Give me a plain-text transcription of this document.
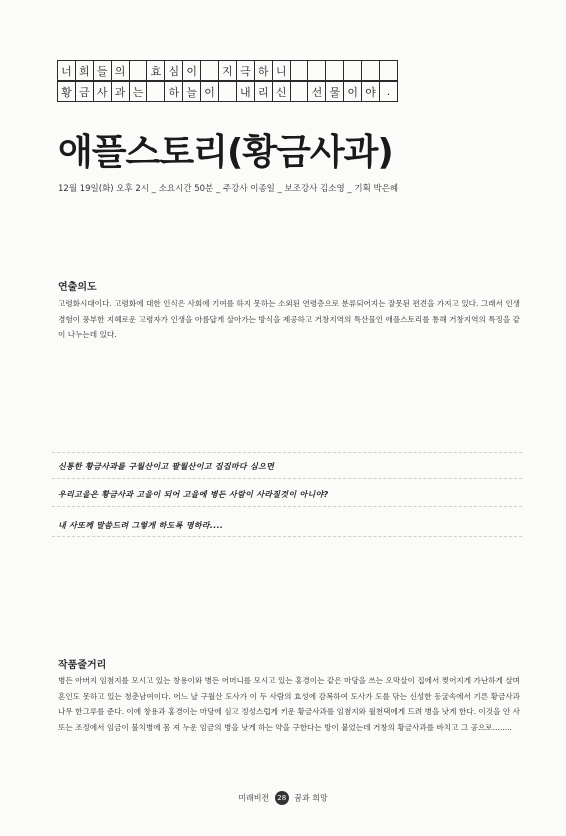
너 희 들 의	효 심 이	지 극 하 니
황 금 사 과 는	하 늘 이	내 리 신	선 물 이 야 .
애플스토리(황금사과)
12월 19일(화) 오후 2시 _ 소요시간 50분 _ 주강사 이종일 _ 보조강사 김소영 _ 기획 박은혜
연출의도
고령화시대이다. 고령화에 대한 인식은 사회에 기여를 하지 못하는 소외된 연령층으로 분류되어지는 잘못된 편견을 가지고 있다. 그래서 인생경험이 풍부한 지혜로운 고령자가 인생을 아름답게 살아가는 방식을 제공하고 거창지역의 특산물인 애플스토리를 통해 거창지역의 특징을 같이 나누는데 있다.
신통한 황금사과를 구월산이고 팔월산이고 집집마다 심으면
우리고을은 황금사과 고을이 되어 고을에 병든 사람이 사라질것이 아니야?
내 사또께 말씀드려 그렇게 하도록 명하라....
작품줄거리
병든 아버지 임첨지를 모시고 있는 창용이와 병든 어머니를 모시고 있는 홍경이는 같은 마당을 쓰는 오막살이 집에서 찢어지게 가난하게 살며 혼인도 못하고 있는 청춘남여이다. 어느 날 구월산 도사가 이 두 사람의 효성에 감복하여 도사가 도를 닦는 신성한 동굴속에서 기른 황금사과나무 한그루를 준다. 이에 창용과 홍경이는 마당에 심고 정성스럽게 키운 황금사과를 임첨지와 월천댁에게 드려 병을 낫게 한다. 이것을 안 사또는 조정에서 임금이 불치병에 몸 져 누운 임금의 병을 낫게 하는 약을 구한다는 방이 붙었는데 거창의 황금사과를 바치고 그 공으로........
미래비전 28 꿈과 희망
